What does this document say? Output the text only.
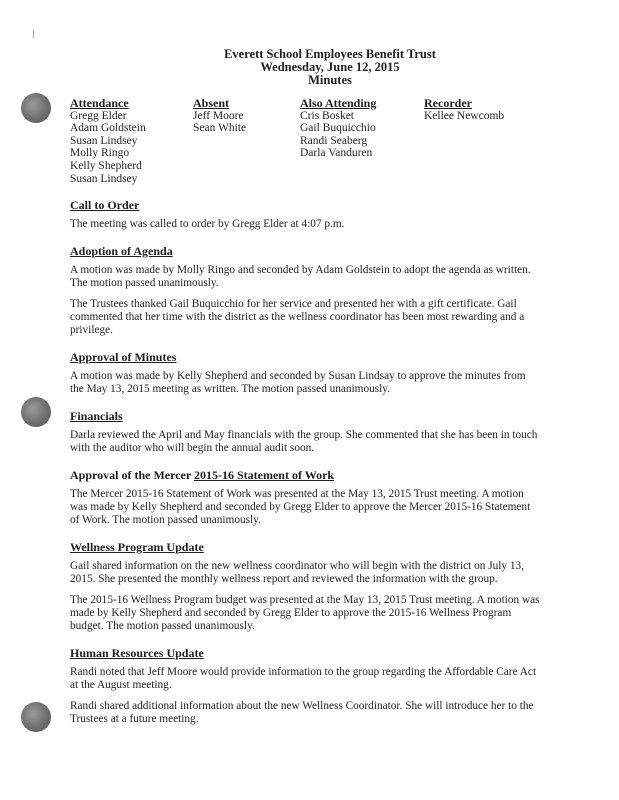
Everett School Employees Benefit Trust
Wednesday, June 12, 2015
Minutes
Attendance
Gregg Elder
Adam Goldstein
Susan Lindsey
Molly Ringo
Kelly Shepherd
Susan Lindsey
Absent
Jeff Moore
Sean White
Also Attending
Cris Bosket
Gail Buquicchio
Randi Seaberg
Darla Vanduren
Recorder
Kellee Newcomb
Call to Order
The meeting was called to order by Gregg Elder at 4:07 p.m.
Adoption of Agenda
A motion was made by Molly Ringo and seconded by Adam Goldstein to adopt the agenda as written. The motion passed unanimously.
The Trustees thanked Gail Buquicchio for her service and presented her with a gift certificate. Gail commented that her time with the district as the wellness coordinator has been most rewarding and a privilege.
Approval of Minutes
A motion was made by Kelly Shepherd and seconded by Susan Lindsay to approve the minutes from the May 13, 2015 meeting as written. The motion passed unanimously.
Financials
Darla reviewed the April and May financials with the group. She commented that she has been in touch with the auditor who will begin the annual audit soon.
Approval of the Mercer 2015-16 Statement of Work
The Mercer 2015-16 Statement of Work was presented at the May 13, 2015 Trust meeting. A motion was made by Kelly Shepherd and seconded by Gregg Elder to approve the Mercer 2015-16 Statement of Work. The motion passed unanimously.
Wellness Program Update
Gail shared information on the new wellness coordinator who will begin with the district on July 13, 2015. She presented the monthly wellness report and reviewed the information with the group.
The 2015-16 Wellness Program budget was presented at the May 13, 2015 Trust meeting. A motion was made by Kelly Shepherd and seconded by Gregg Elder to approve the 2015-16 Wellness Program budget. The motion passed unanimously.
Human Resources Update
Randi noted that Jeff Moore would provide information to the group regarding the Affordable Care Act at the August meeting.
Randi shared additional information about the new Wellness Coordinator. She will introduce her to the Trustees at a future meeting.
